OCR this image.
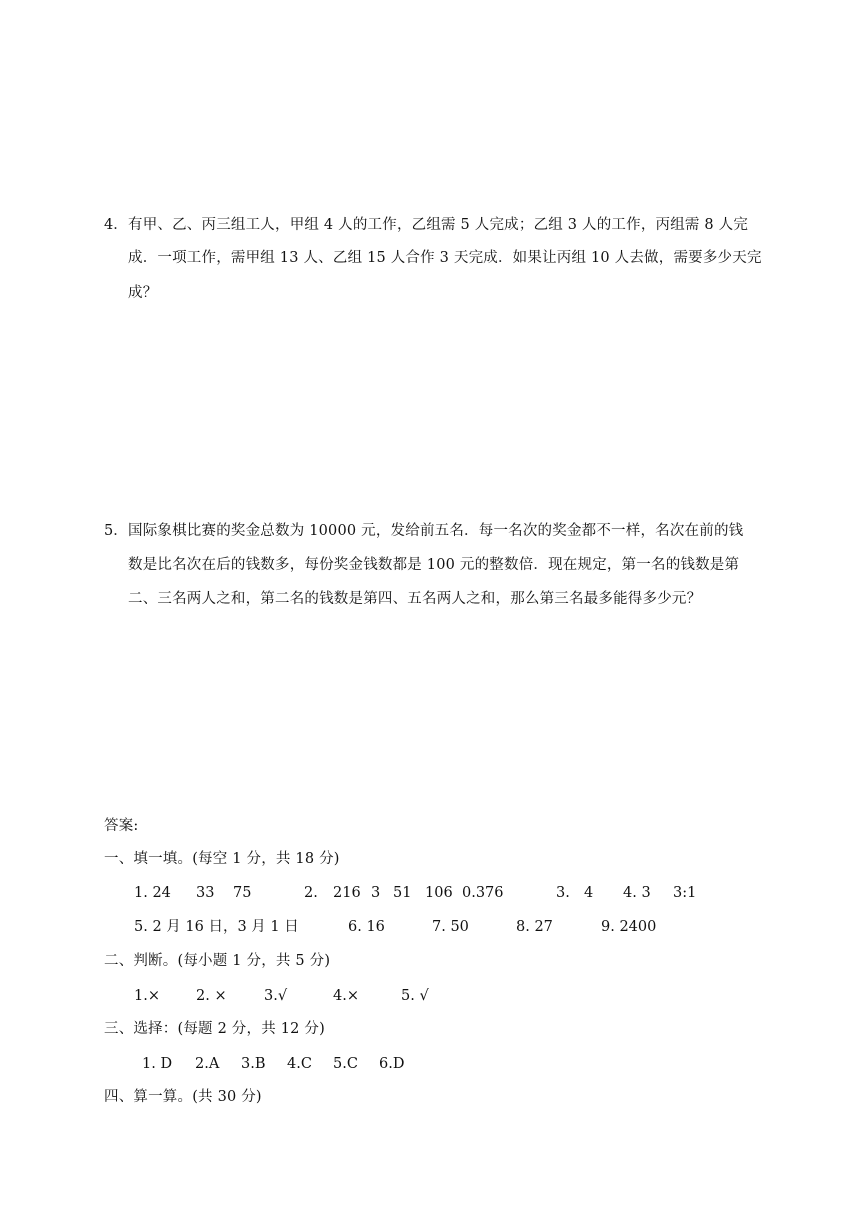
4． 有甲、乙、丙三组工人，甲组 4 人的工作，乙组需 5 人完成；乙组 3 人的工作，丙组需 8 人完
成．一项工作，需甲组 13 人、乙组 15 人合作 3 天完成．如果让丙组 10 人去做，需要多少天完
成？
5． 国际象棋比赛的奖金总数为 10000 元，发给前五名．每一名次的奖金都不一样，名次在前的钱
数是比名次在后的钱数多，每份奖金钱数都是 100 元的整数倍．现在规定，第一名的钱数是第
二、三名两人之和，第二名的钱数是第四、五名两人之和，那么第三名最多能得多少元？
答案:
一、填一填。(每空 1 分，共 18 分)
1. 24 33 75	2. 216 3 51 106 0.376	3. 4 4. 3 3:1
5. 2 月 16 日，3 月 1 日	6. 16	7. 50	8. 27	9. 2400
二、判断。(每小题 1 分，共 5 分)
1.× 2. ×	3.√	4.×	5. √
三、选择：(每题 2 分，共 12 分)
1. D 2.A 3.B 4.C 5.C 6.D
四、算一算。(共 30 分)
